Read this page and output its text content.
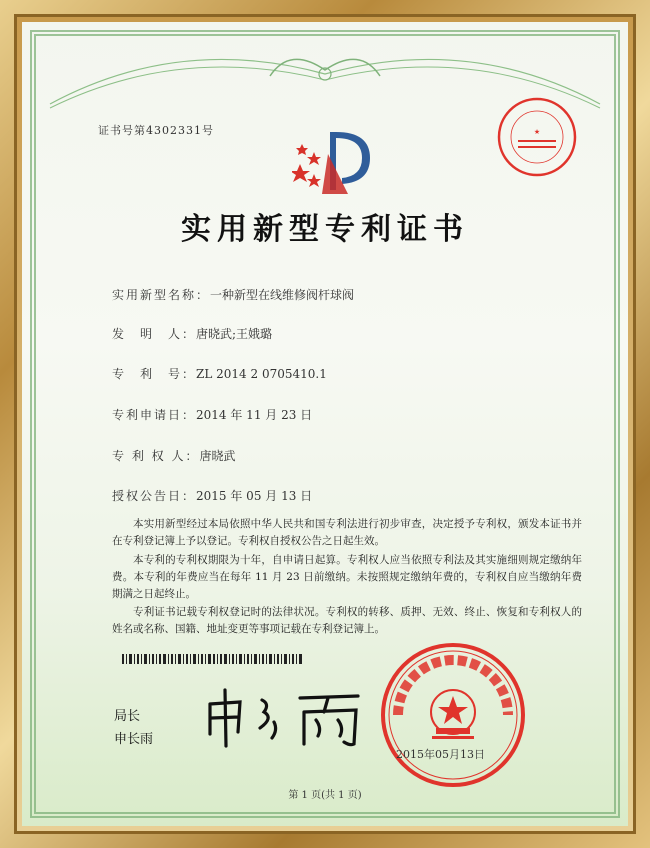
证书号第4302331号	★
实用新型专利证书
实用新型名称：一种新型在线维修阀杆球阀
发　明　人：唐晓武;王娥璐
专　利　号：ZL 2014 2 0705410.1
专利申请日：2014 年 11 月 23 日
专 利 权 人：唐晓武
授权公告日：2015 年 05 月 13 日
本实用新型经过本局依照中华人民共和国专利法进行初步审查，决定授予专利权，颁发本证书并在专利登记簿上予以登记。专利权自授权公告之日起生效。
本专利的专利权期限为十年，自申请日起算。专利权人应当依照专利法及其实施细则规定缴纳年费。本专利的年费应当在每年 11 月 23 日前缴纳。未按照规定缴纳年费的，专利权自应当缴纳年费期满之日起终止。
专利证书记载专利权登记时的法律状况。专利权的转移、质押、无效、终止、恢复和专利权人的姓名或名称、国籍、地址变更等事项记载在专利登记簿上。
局长
申长雨
2015年05月13日
第 1 页(共 1 页)
